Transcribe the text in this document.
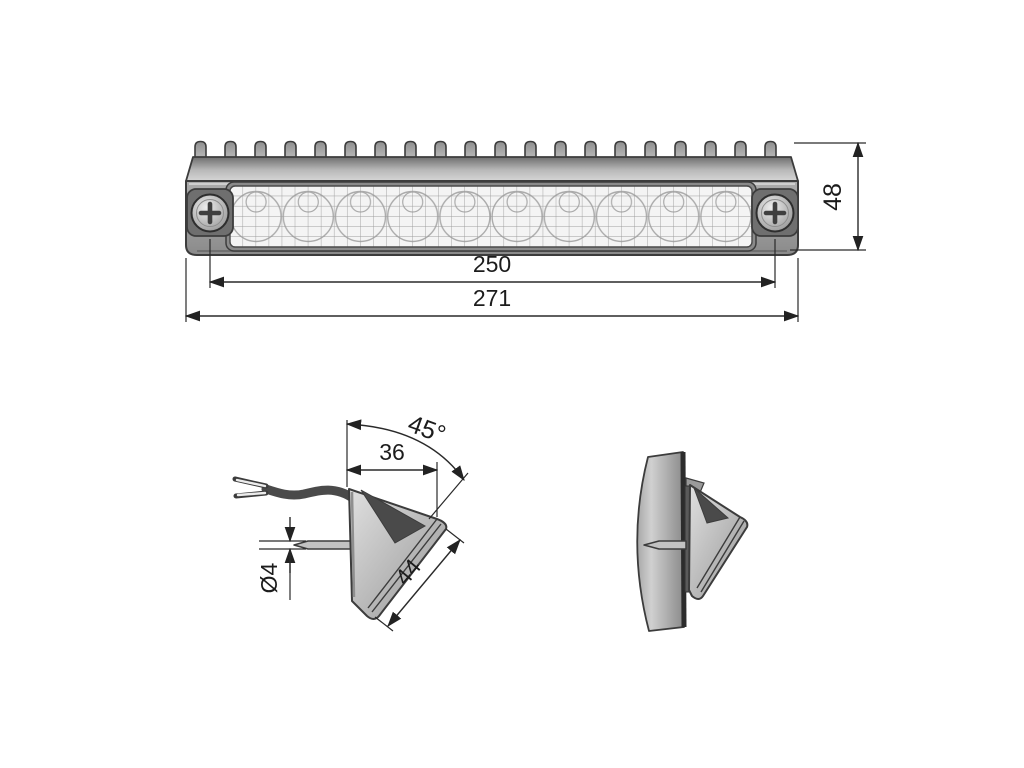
250
271
48
45°
36
Ø4	44
